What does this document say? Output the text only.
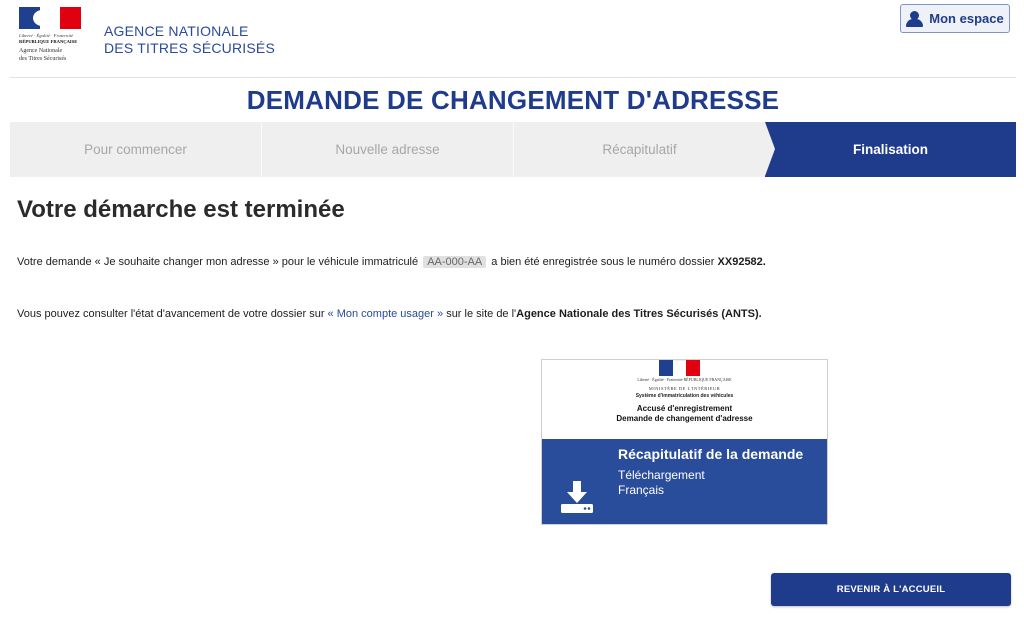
Liberté · Égalité · Fraternité
RÉPUBLIQUE FRANÇAISE
Agence Nationale
des Titres Sécurisés
AGENCE NATIONALE
DES TITRES SÉCURISÉS
Mon espace
DEMANDE DE CHANGEMENT D'ADRESSE
Pour commencer	Nouvelle adresse	Récapitulatif	Finalisation
Votre démarche est terminée

Votre demande « Je souhaite changer mon adresse » pour le véhicule immatriculé AA-000-AA a bien été enregistrée sous le numéro dossier XX92582.

Vous pouvez consulter l'état d'avancement de votre dossier sur « Mon compte usager » sur le site de l'Agence Nationale des Titres Sécurisés (ANTS).

Liberté · Égalité · Fraternité RÉPUBLIQUE FRANÇAISE
MINISTÈRE DE L'INTÉRIEUR
Système d'immatriculation des véhicules
Accusé d'enregistrement
Demande de changement d'adresse
Récapitulatif de la demande
Téléchargement
Français
REVENIR À L'ACCUEIL
